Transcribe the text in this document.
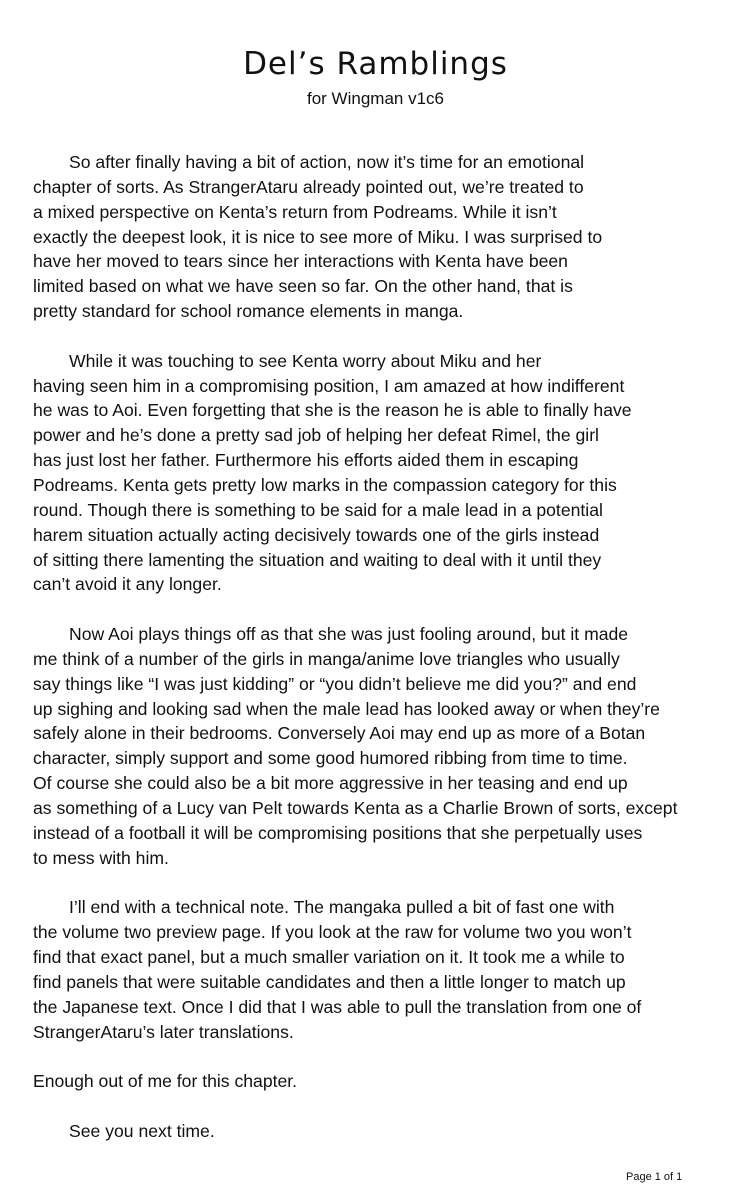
Del’s Ramblings
for Wingman v1c6
So after finally having a bit of action, now it’s time for an emotional
chapter of sorts. As StrangerAtaru already pointed out, we’re treated to
a mixed perspective on Kenta’s return from Podreams. While it isn’t
exactly the deepest look, it is nice to see more of Miku. I was surprised to
have her moved to tears since her interactions with Kenta have been
limited based on what we have seen so far. On the other hand, that is
pretty standard for school romance elements in manga.
While it was touching to see Kenta worry about Miku and her
having seen him in a compromising position, I am amazed at how indifferent
he was to Aoi. Even forgetting that she is the reason he is able to finally have
power and he’s done a pretty sad job of helping her defeat Rimel, the girl
has just lost her father. Furthermore his efforts aided them in escaping
Podreams. Kenta gets pretty low marks in the compassion category for this
round. Though there is something to be said for a male lead in a potential
harem situation actually acting decisively towards one of the girls instead
of sitting there lamenting the situation and waiting to deal with it until they
can’t avoid it any longer.
Now Aoi plays things off as that she was just fooling around, but it made
me think of a number of the girls in manga/anime love triangles who usually
say things like “I was just kidding” or “you didn’t believe me did you?” and end
up sighing and looking sad when the male lead has looked away or when they’re
safely alone in their bedrooms. Conversely Aoi may end up as more of a Botan
character, simply support and some good humored ribbing from time to time.
Of course she could also be a bit more aggressive in her teasing and end up
as something of a Lucy van Pelt towards Kenta as a Charlie Brown of sorts, except
instead of a football it will be compromising positions that she perpetually uses
to mess with him.
I’ll end with a technical note. The mangaka pulled a bit of fast one with
the volume two preview page. If you look at the raw for volume two you won’t
find that exact panel, but a much smaller variation on it. It took me a while to
find panels that were suitable candidates and then a little longer to match up
the Japanese text. Once I did that I was able to pull the translation from one of
StrangerAtaru’s later translations.
Enough out of me for this chapter.
See you next time.
Page 1 of 1
